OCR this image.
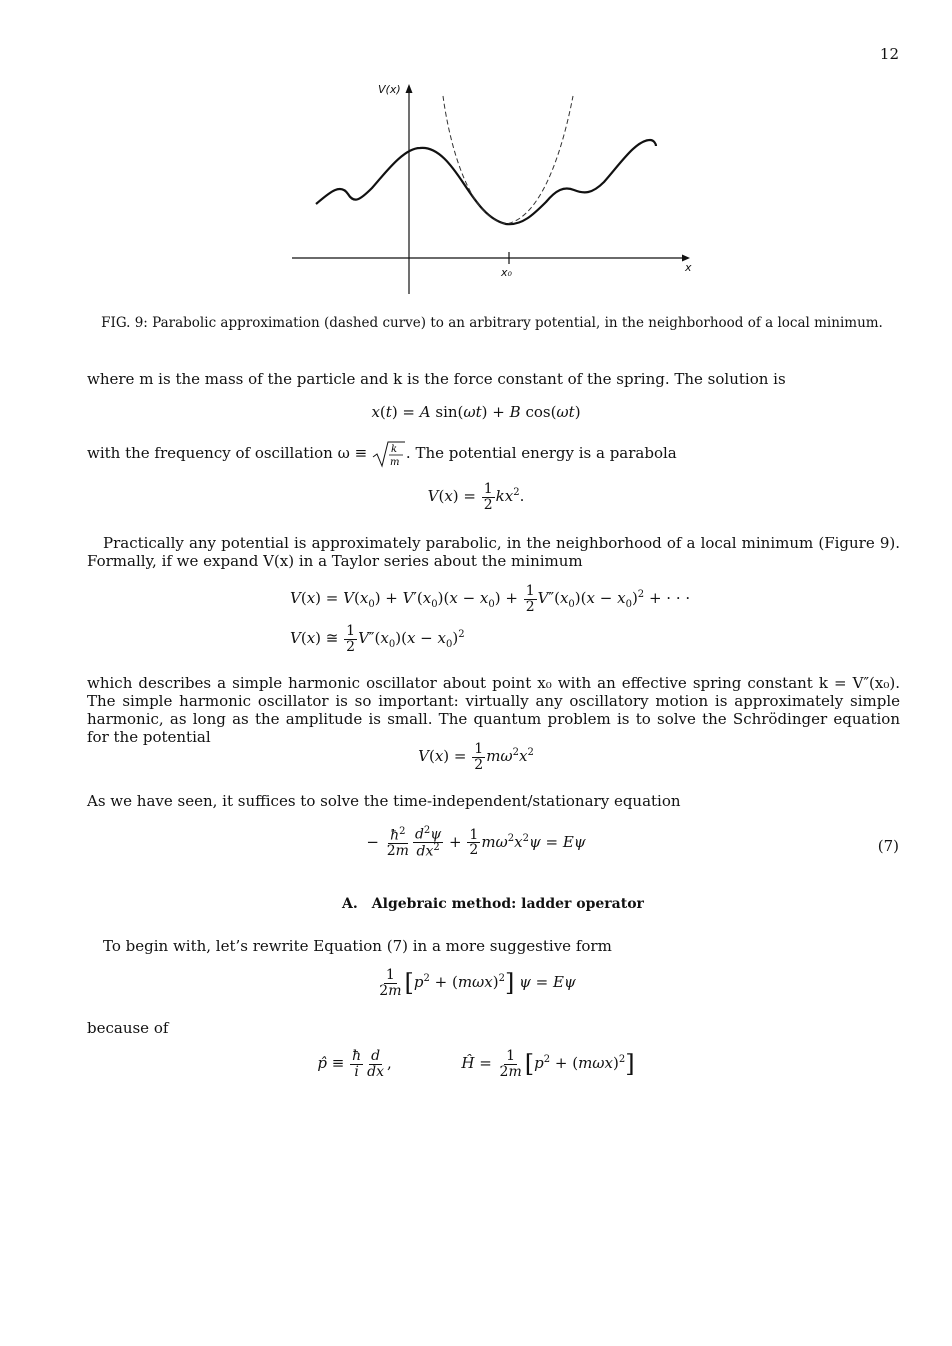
12
V(x)
x₀	x
FIG. 9: Parabolic approximation (dashed curve) to an arbitrary potential, in the neighborhood of a local minimum.
where m is the mass of the particle and k is the force constant of the spring. The solution is
x(t) = A sin(ωt) + B cos(ωt)
with the frequency of oscillation ω ≡ k
m
. The potential energy is a parabola
$V(x) = \frac{1}{2} kx^2$.
Practically any potential is approximately parabolic, in the neighborhood of a local minimum (Figure 9). Formally, if we expand V(x) in a Taylor series about the minimum
$V(x) = V(x_0) + V'(x_0)(x - x_0) + \frac{1}{2} V''(x_0)(x - x_0)^2$ + · · ·
V(x) ≅ $\frac{1}{2} V''(x_0)(x - x_0)^2$
which describes a simple harmonic oscillator about point x₀ with an effective spring constant k = V″(x₀). The simple harmonic oscillator is so important: virtually any oscillatory motion is approximately simple harmonic, as long as the amplitude is small. The quantum problem is to solve the Schrödinger equation for the potential
$V(x) = \frac{1}{2} m\omega^2x^2$
As we have seen, it suffices to solve the time-independent/stationary equation
− $\frac{ħ^2}{2m} \frac{d^2\psi}{dx^2} + \frac{1}{2} m\omega^2x^2\psi = E\psi$	(7)
A. Algebraic method: ladder operator
To begin with, let’s rewrite Equation (7) in a more suggestive form
$\frac{1}{2m} [p^2 + (m\omega x)^2] \psi = E\psi$
because of
p̂ ≡ $\frac{ħ}{i} \frac{d}{dx}$ ,	Ĥ = $\frac{1}{2m} [p^2 + (m\omega x)^2]$
